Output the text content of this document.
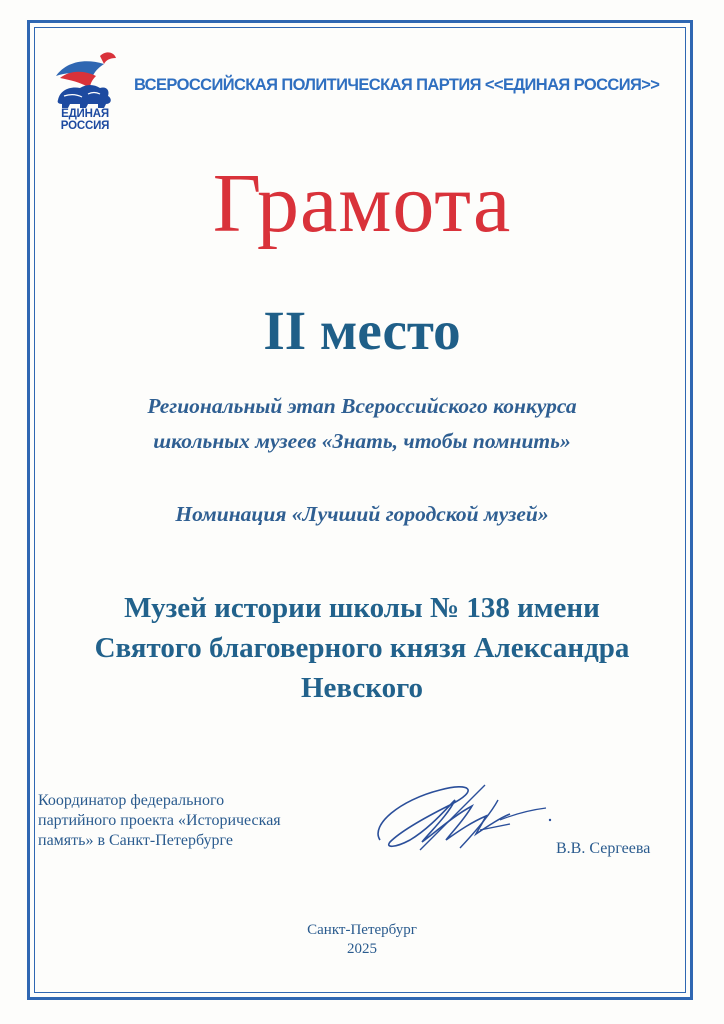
ЕДИНАЯ
РОССИЯ
ВСЕРОССИЙСКАЯ ПОЛИТИЧЕСКАЯ ПАРТИЯ <<ЕДИНАЯ РОССИЯ>>
Грамота
II место
Региональный этап Всероссийского конкурса
школьных музеев «Знать, чтобы помнить»
Номинация «Лучший городской музей»
Музей истории школы № 138 имени
Святого благоверного князя Александра
Невского
Координатор федерального
партийного проекта «Историческая
память» в Санкт-Петербурге	В.В. Сергеева
Санкт-Петербург
2025
